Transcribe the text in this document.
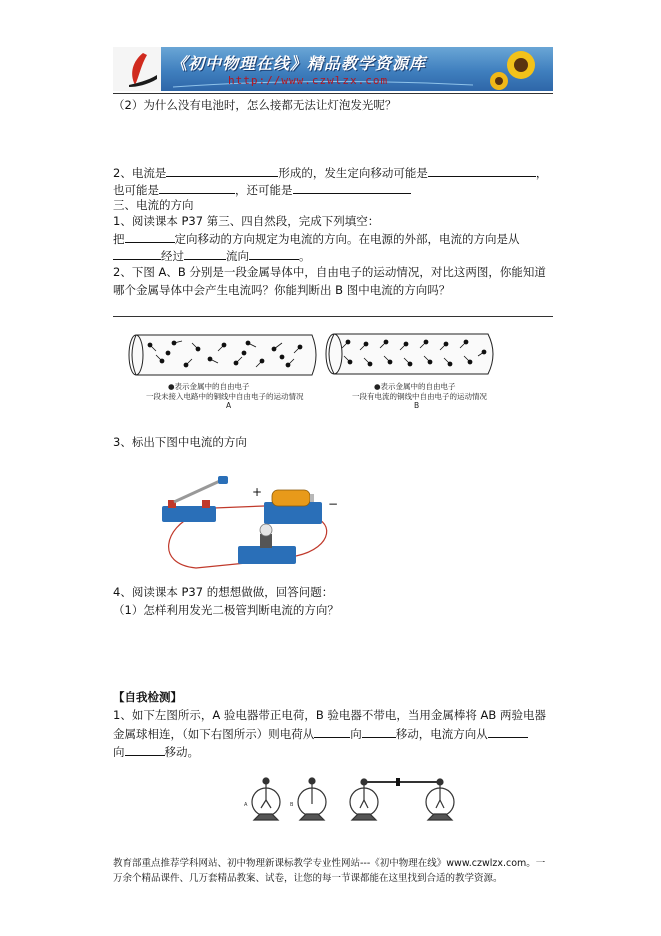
《初中物理在线》精品教学资源库
http://www.czwlzx.com
（2）为什么没有电池时，怎么接都无法让灯泡发光呢？
2、电流是	形成的，发生定向移动可能是	，
也可能是	，还可能是
三、电流的方向
1、阅读课本 P37 第三、四自然段，完成下列填空：
把	定向移动的方向规定为电流的方向。在电源的外部，电流的方向是从
经过	流向	。
2、下图 A、B 分别是一段金属导体中，自由电子的运动情况，对比这两图，你能知道
哪个金属导体中会产生电流吗？你能判断出 B 图中电流的方向吗？
●表示金属中的自由电子
一段未接入电路中的铜线中自由电子的运动情况
A
●表示金属中的自由电子
一段有电流的铜线中自由电子的运动情况
B
3、标出下图中电流的方向
+
−
4、阅读课本 P37 的想想做做，回答问题：
（1）怎样利用发光二极管判断电流的方向？
【自我检测】
1、如下左图所示，A 验电器带正电荷，B 验电器不带电，当用金属棒将 AB 两验电器
金属球相连，（如下右图所示）则电荷从	向	移动，电流方向从
向	移动。
A	B
教育部重点推荐学科网站、初中物理新课标教学专业性网站---《初中物理在线》www.czwlzx.com。一
万余个精品课件、几万套精品教案、试卷，让您的每一节课都能在这里找到合适的教学资源。
